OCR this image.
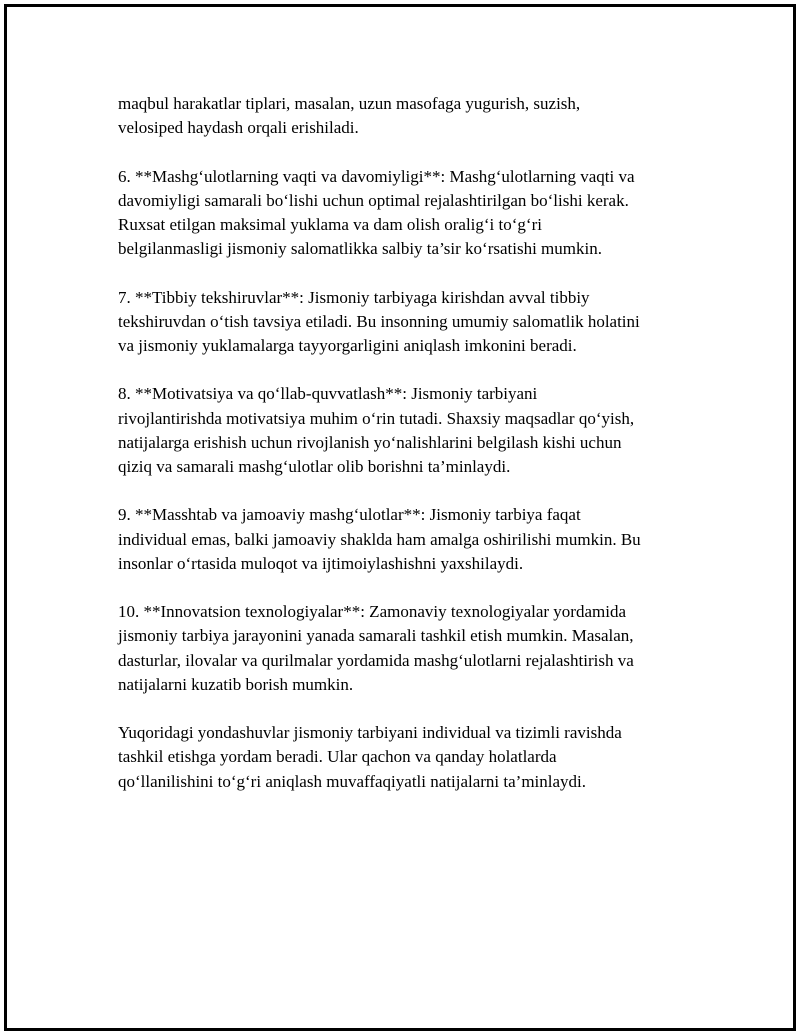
maqbul harakatlar tiplari, masalan, uzun masofaga yugurish, suzish,
velosiped haydash orqali erishiladi.

6. **Mashg‘ulotlarning vaqti va davomiyligi**: Mashg‘ulotlarning vaqti va
davomiyligi samarali bo‘lishi uchun optimal rejalashtirilgan bo‘lishi kerak.
Ruxsat etilgan maksimal yuklama va dam olish oralig‘i to‘g‘ri
belgilanmasligi jismoniy salomatlikka salbiy ta’sir ko‘rsatishi mumkin.

7. **Tibbiy tekshiruvlar**: Jismoniy tarbiyaga kirishdan avval tibbiy
tekshiruvdan o‘tish tavsiya etiladi. Bu insonning umumiy salomatlik holatini
va jismoniy yuklamalarga tayyorgarligini aniqlash imkonini beradi.

8. **Motivatsiya va qo‘llab-quvvatlash**: Jismoniy tarbiyani
rivojlantirishda motivatsiya muhim o‘rin tutadi. Shaxsiy maqsadlar qo‘yish,
natijalarga erishish uchun rivojlanish yo‘nalishlarini belgilash kishi uchun
qiziq va samarali mashg‘ulotlar olib borishni ta’minlaydi.

9. **Masshtab va jamoaviy mashg‘ulotlar**: Jismoniy tarbiya faqat
individual emas, balki jamoaviy shaklda ham amalga oshirilishi mumkin. Bu
insonlar o‘rtasida muloqot va ijtimoiylashishni yaxshilaydi.

10. **Innovatsion texnologiyalar**: Zamonaviy texnologiyalar yordamida
jismoniy tarbiya jarayonini yanada samarali tashkil etish mumkin. Masalan,
dasturlar, ilovalar va qurilmalar yordamida mashg‘ulotlarni rejalashtirish va
natijalarni kuzatib borish mumkin.

Yuqoridagi yondashuvlar jismoniy tarbiyani individual va tizimli ravishda
tashkil etishga yordam beradi. Ular qachon va qanday holatlarda
qo‘llanilishini to‘g‘ri aniqlash muvaffaqiyatli natijalarni ta’minlaydi.
